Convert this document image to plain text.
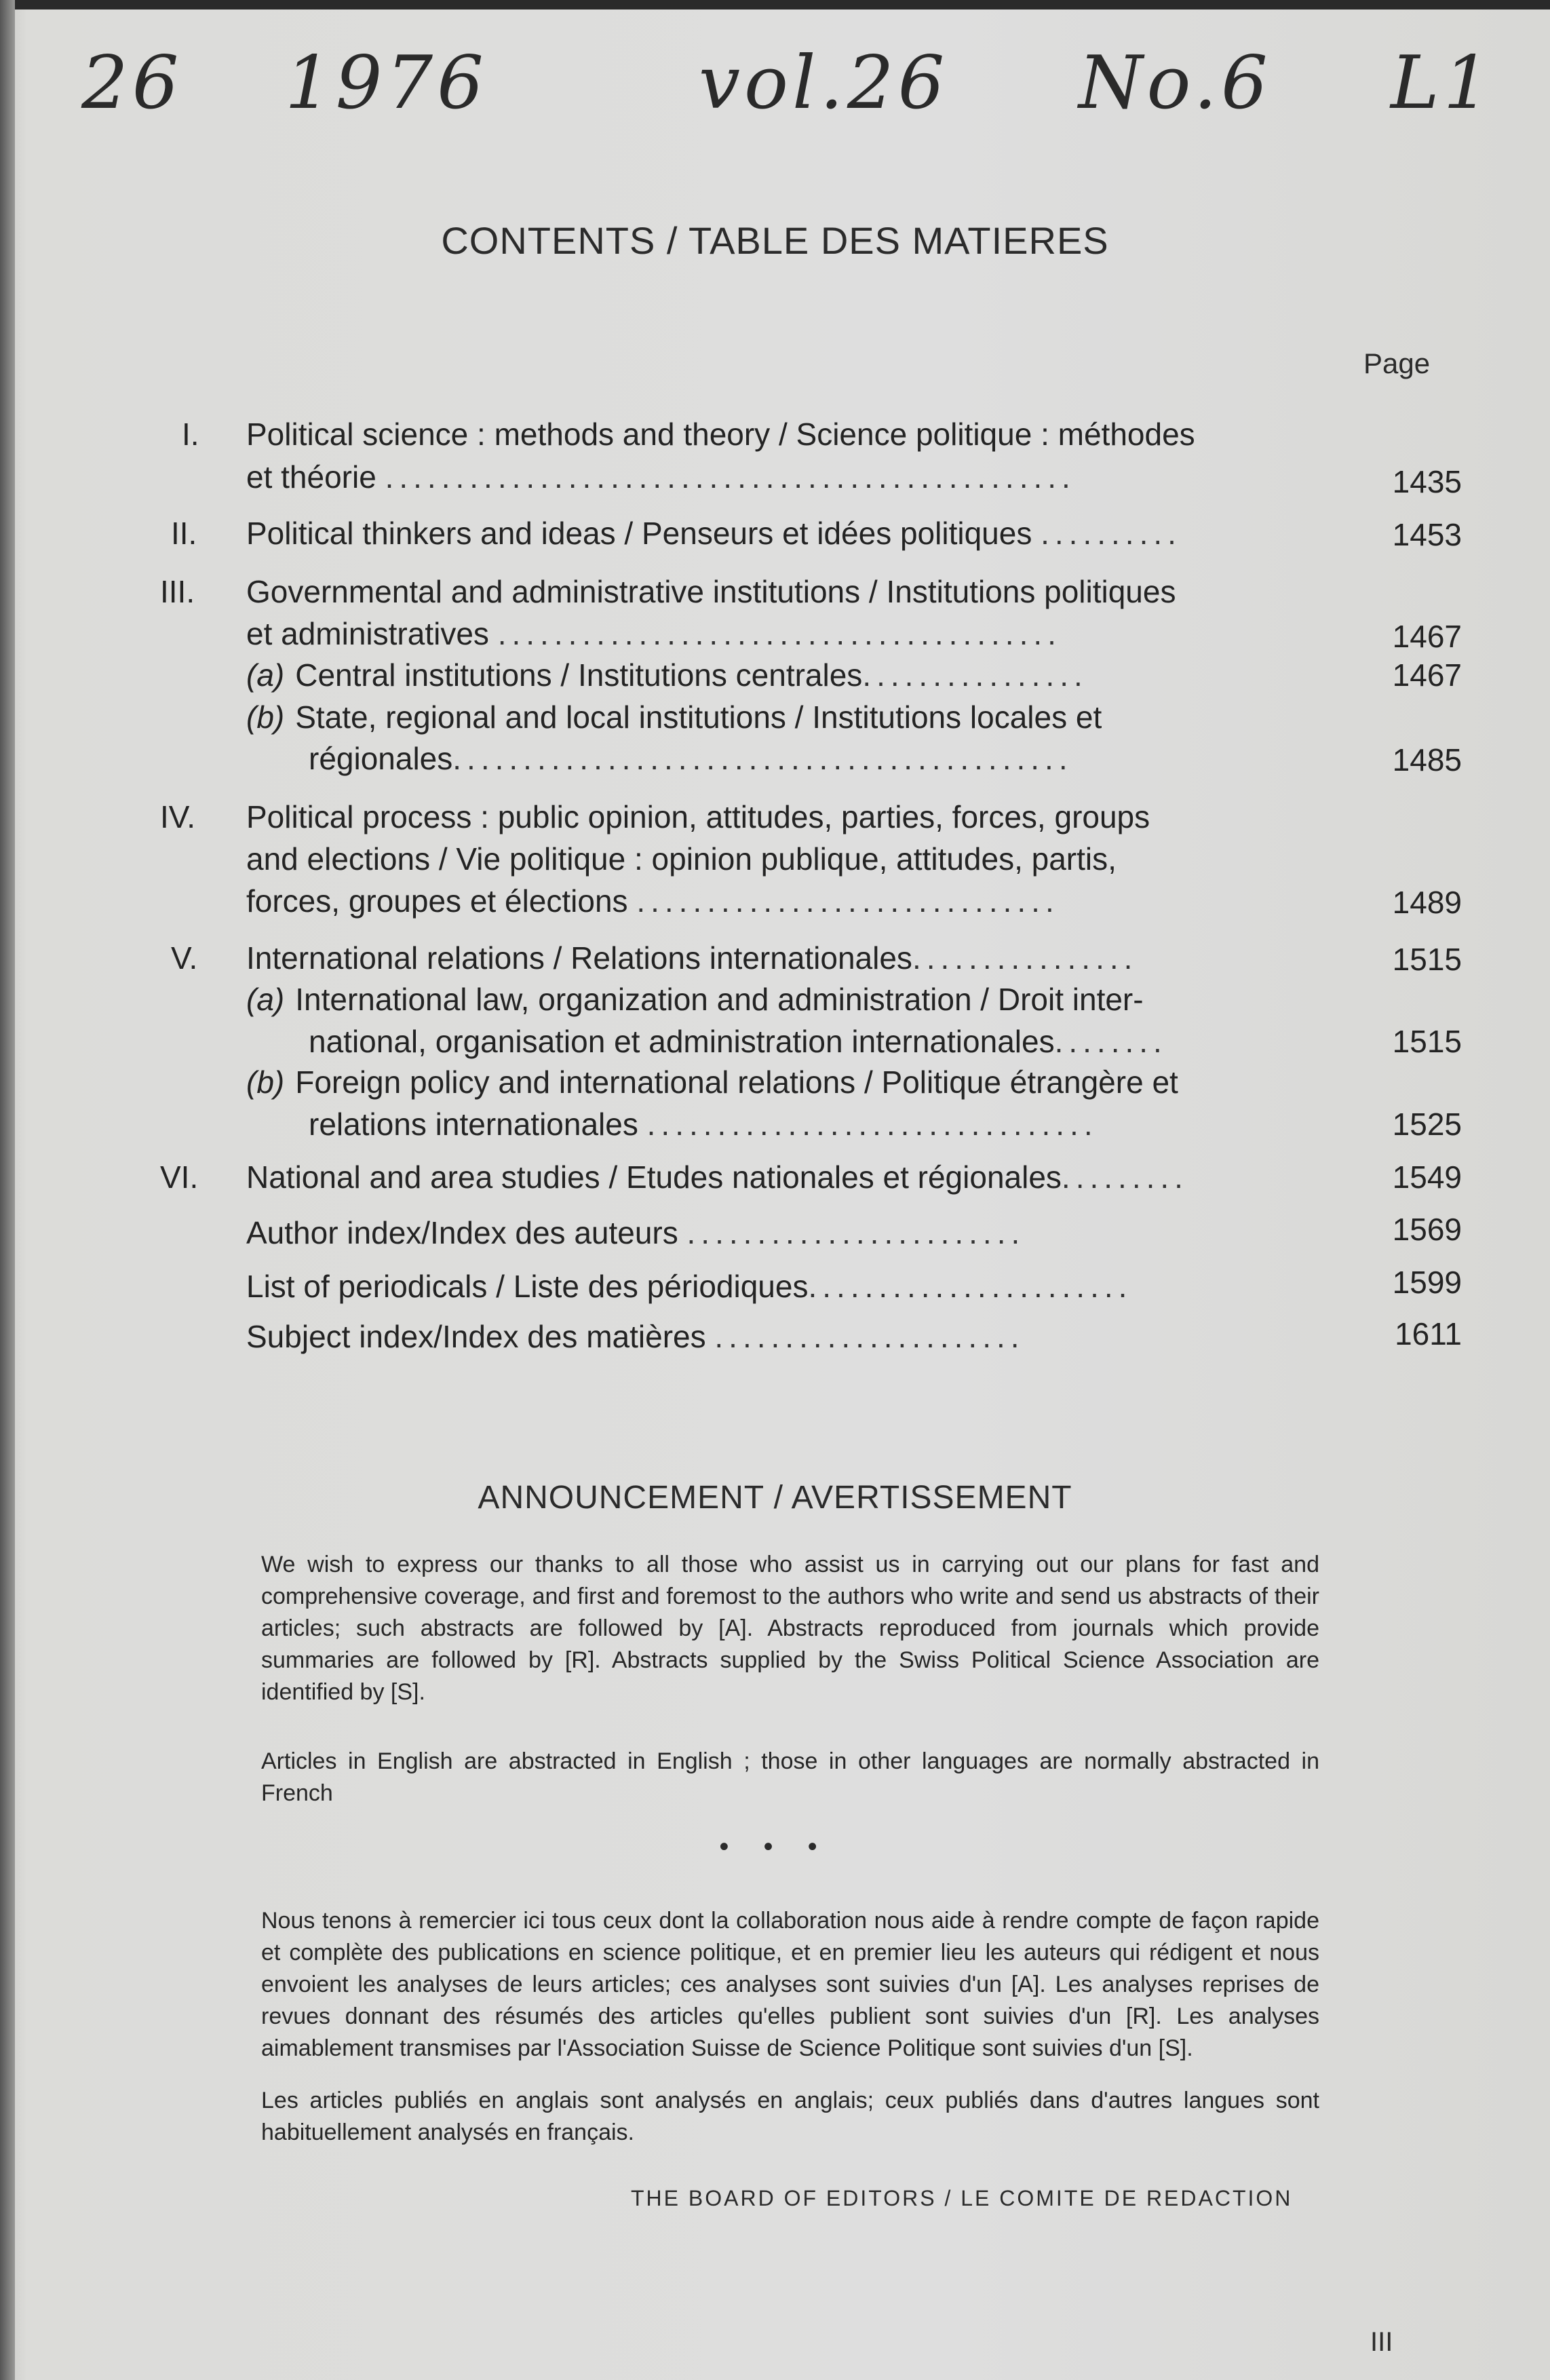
26 1976	vol.26 No.6 L1
CONTENTS / TABLE DES MATIERES
Page
I. Political science : methods and theory / Science politique : méthodes
et théorie .................................................	1435
II. Political thinkers and ideas / Penseurs et idées politiques ..........	1453
III. Governmental and administrative institutions / Institutions politiques
et administratives ........................................	1467
(a) Central institutions / Institutions centrales................	1467
(b) State, regional and local institutions / Institutions locales et
régionales............................................	1485
IV. Political process : public opinion, attitudes, parties, forces, groups
and elections / Vie politique : opinion publique, attitudes, partis,
forces, groupes et élections ..............................	1489
V. International relations / Relations internationales................	1515
(a) International law, organization and administration / Droit inter-
national, organisation et administration internationales........	1515
(b) Foreign policy and international relations / Politique étrangère et
relations internationales ................................	1525
VI. National and area studies / Etudes nationales et régionales.........	1549
Author index/Index des auteurs ........................	1569
List of periodicals / Liste des périodiques.......................	1599
Subject index/Index des matières ......................	1611
ANNOUNCEMENT / AVERTISSEMENT

We wish to express our thanks to all those who assist us in carrying out our plans for fast and comprehensive coverage, and first and foremost to the authors who write and send us abstracts of their articles; such abstracts are followed by [A]. Abstracts reproduced from journals which provide summaries are followed by [R]. Abstracts supplied by the Swiss Political Science Association are identified by [S].

Articles in English are abstracted in English ; those in other languages are normally abstracted in French

• • •

Nous tenons à remercier ici tous ceux dont la collaboration nous aide à rendre compte de façon rapide et complète des publications en science politique, et en premier lieu les auteurs qui rédigent et nous envoient les analyses de leurs articles; ces analyses sont suivies d'un [A]. Les analyses reprises de revues donnant des résumés des articles qu'elles publient sont suivies d'un [R]. Les analyses aimablement transmises par l'Association Suisse de Science Politique sont suivies d'un [S].

Les articles publiés en anglais sont analysés en anglais; ceux publiés dans d'autres langues sont habituellement analysés en français.

THE BOARD OF EDITORS / LE COMITE DE REDACTION
III
